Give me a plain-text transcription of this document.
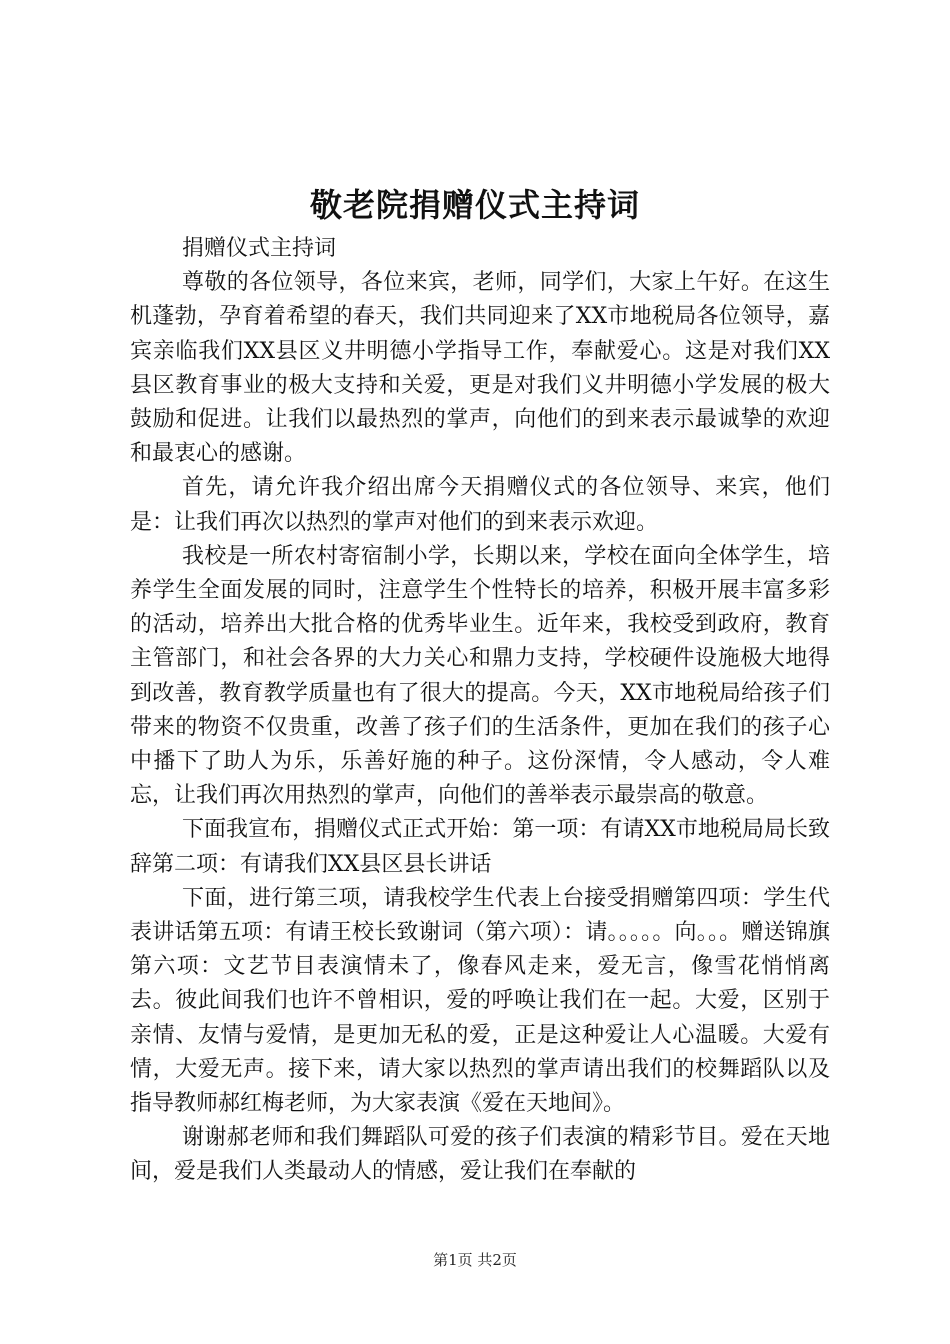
敬老院捐赠仪式主持词

捐赠仪式主持词

尊敬的各位领导，各位来宾，老师，同学们，大家上午好。在这生机蓬勃，孕育着希望的春天，我们共同迎来了XX市地税局各位领导，嘉宾亲临我们XX县区义井明德小学指导工作，奉献爱心。这是对我们XX县区教育事业的极大支持和关爱，更是对我们义井明德小学发展的极大鼓励和促进。让我们以最热烈的掌声，向他们的到来表示最诚挚的欢迎和最衷心的感谢。

首先，请允许我介绍出席今天捐赠仪式的各位领导、来宾，他们是：让我们再次以热烈的掌声对他们的到来表示欢迎。

我校是一所农村寄宿制小学，长期以来，学校在面向全体学生，培养学生全面发展的同时，注意学生个性特长的培养，积极开展丰富多彩的活动，培养出大批合格的优秀毕业生。近年来，我校受到政府，教育主管部门，和社会各界的大力关心和鼎力支持，学校硬件设施极大地得到改善，教育教学质量也有了很大的提高。今天，XX市地税局给孩子们带来的物资不仅贵重，改善了孩子们的生活条件，更加在我们的孩子心中播下了助人为乐，乐善好施的种子。这份深情，令人感动，令人难忘，让我们再次用热烈的掌声，向他们的善举表示最崇高的敬意。

下面我宣布，捐赠仪式正式开始：第一项：有请XX市地税局局长致辞第二项：有请我们XX县区县长讲话

下面，进行第三项，请我校学生代表上台接受捐赠第四项：学生代表讲话第五项：有请王校长致谢词（第六项）：请。。。。。向。。。赠送锦旗第六项：文艺节目表演情未了，像春风走来，爱无言，像雪花悄悄离去。彼此间我们也许不曾相识，爱的呼唤让我们在一起。大爱，区别于亲情、友情与爱情，是更加无私的爱，正是这种爱让人心温暖。大爱有情，大爱无声。接下来，请大家以热烈的掌声请出我们的校舞蹈队以及指导教师郝红梅老师，为大家表演《爱在天地间》。

谢谢郝老师和我们舞蹈队可爱的孩子们表演的精彩节目。爱在天地间，爱是我们人类最动人的情感，爱让我们在奉献的

第1页 共2页
